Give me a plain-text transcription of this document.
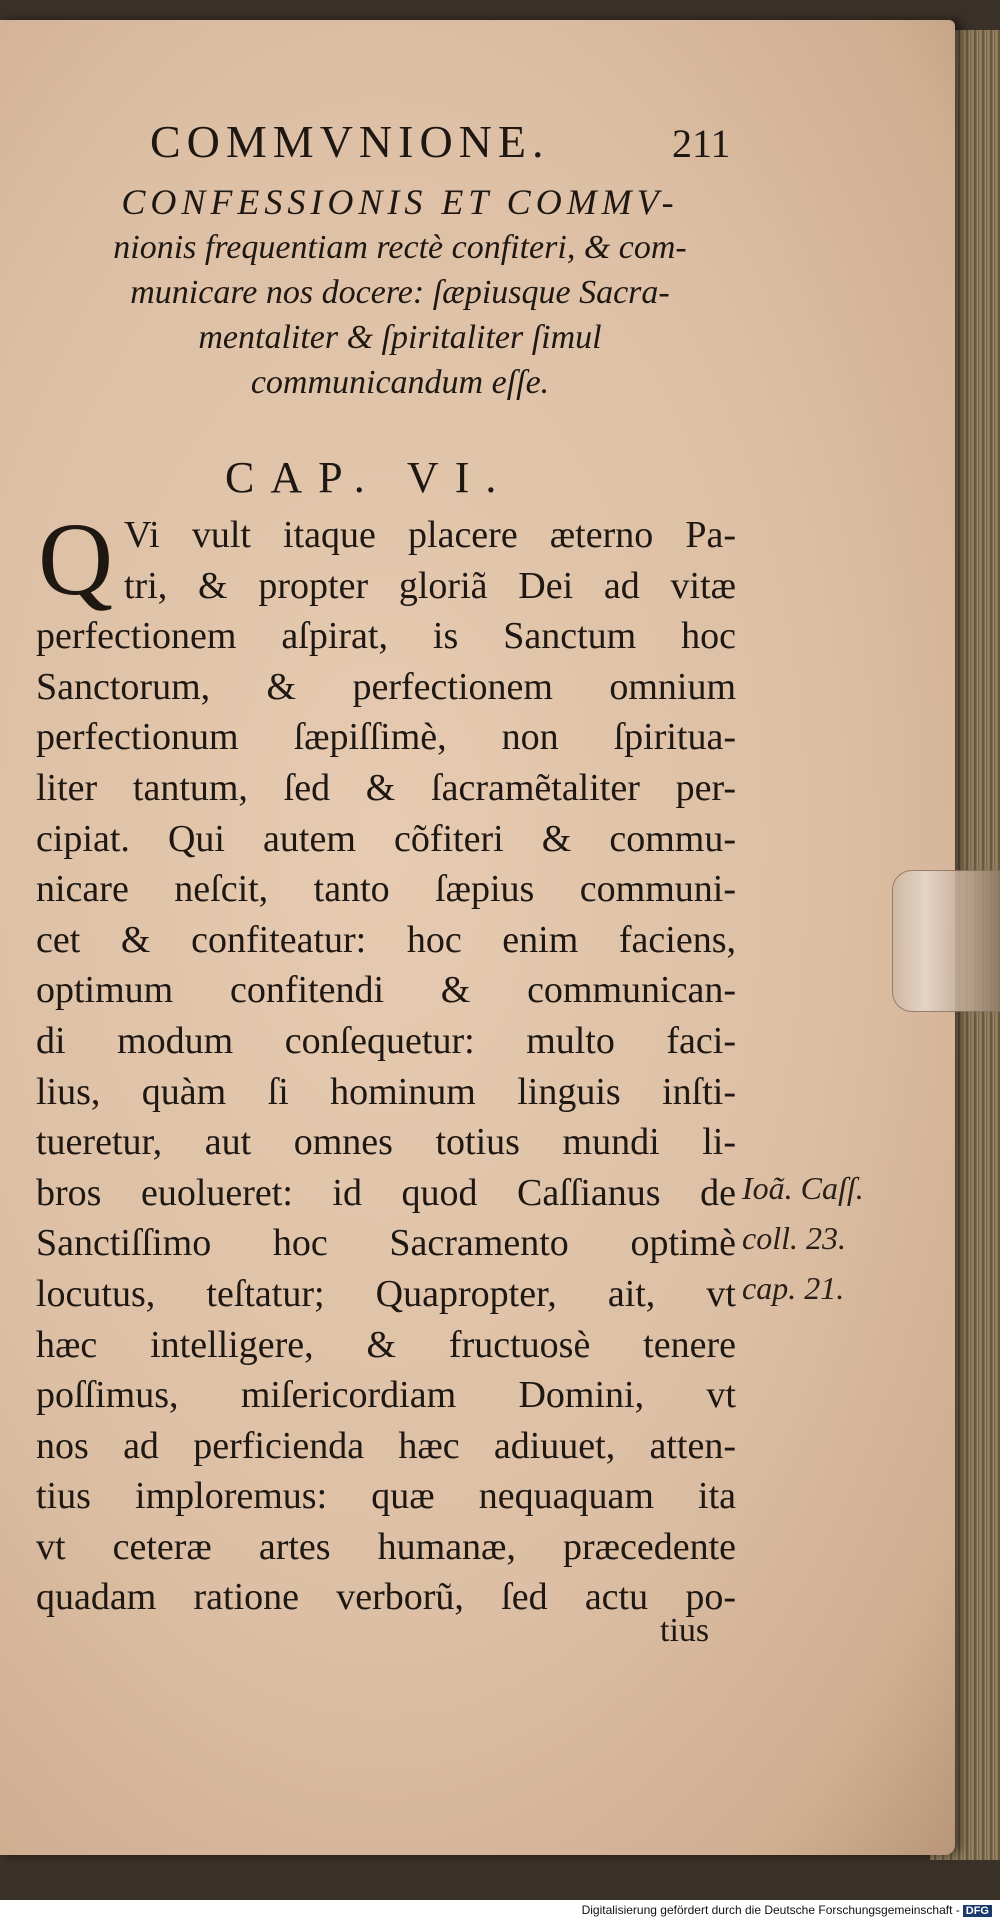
COMMVNIONE.	211
CONFESSIONIS ET COMMV-
nionis frequentiam rectè confiteri, & com-
municare nos docere: ſæpiusque Sacra-
mentaliter & ſpiritaliter ſimul
communicandum eſſe.
CAP. VI.
Q Vi vult itaque placere æterno Pa-
tri, & propter gloriã Dei ad vitæ
perfectionem aſpirat, is Sanctum hoc
Sanctorum, & perfectionem omnium
perfectionum ſæpiſſimè, non ſpiritua-
liter tantum, ſed & ſacramẽtaliter per-
cipiat. Qui autem cõfiteri & commu-
nicare neſcit, tanto ſæpius communi-
cet & confiteatur: hoc enim faciens,
optimum confitendi & communican-
di modum conſequetur: multo faci-
lius, quàm ſi hominum linguis inſti-
tueretur, aut omnes totius mundi li-
bros euolueret: id quod Caſſianus de
Sanctiſſimo hoc Sacramento optimè
locutus, teſtatur; Quapropter, ait, vt
hæc intelligere, & fructuosè tenere
poſſimus, miſericordiam Domini, vt
nos ad perficienda hæc adiuuet, atten-
tius imploremus: quæ nequaquam ita
vt ceteræ artes humanæ, præcedente
quadam ratione verborũ, ſed actu po-
tius
Ioã. Caſſ.
coll. 23.
cap. 21.
Digitalisierung gefördert durch die Deutsche Forschungsgemeinschaft - DFG
